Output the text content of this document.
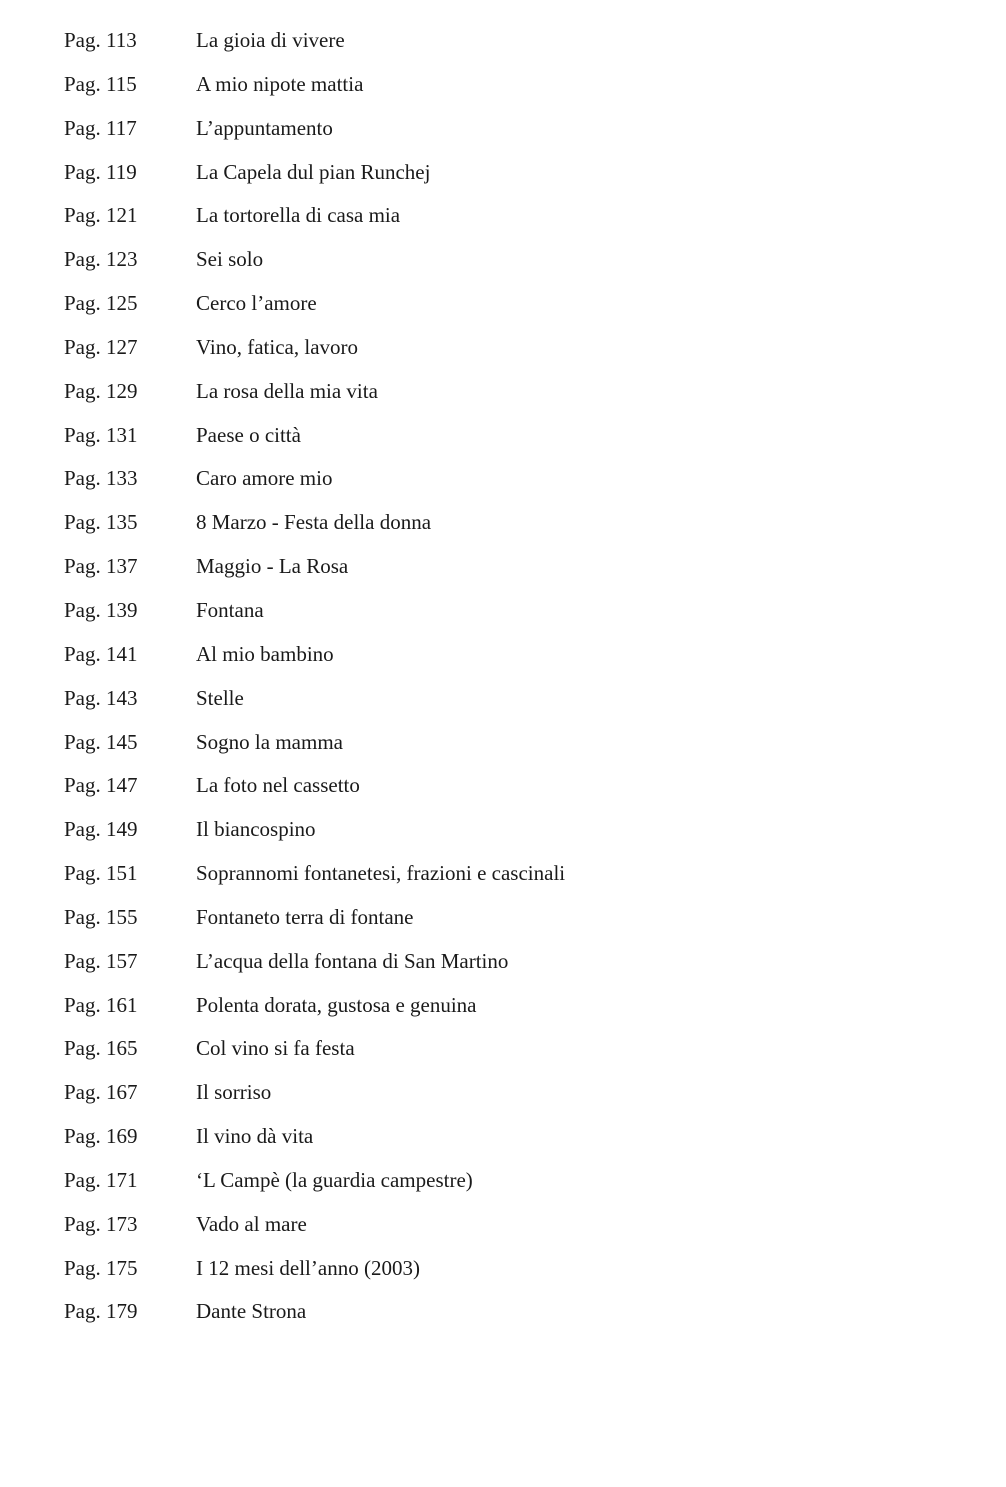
Pag. 113	La gioia di vivere
Pag. 115	A mio nipote mattia
Pag. 117	L’appuntamento
Pag. 119	La Capela dul pian Runchej
Pag. 121	La tortorella di casa mia
Pag. 123	Sei solo
Pag. 125	Cerco l’amore
Pag. 127	Vino, fatica, lavoro
Pag. 129	La rosa della mia vita
Pag. 131	Paese o città
Pag. 133	Caro amore mio
Pag. 135	8 Marzo - Festa della donna
Pag. 137	Maggio - La Rosa
Pag. 139	Fontana
Pag. 141	Al mio bambino
Pag. 143	Stelle
Pag. 145	Sogno la mamma
Pag. 147	La foto nel cassetto
Pag. 149	Il biancospino
Pag. 151	Soprannomi fontanetesi, frazioni e cascinali
Pag. 155	Fontaneto terra di fontane
Pag. 157	L’acqua della fontana di San Martino
Pag. 161	Polenta dorata, gustosa e genuina
Pag. 165	Col vino si fa festa
Pag. 167	Il sorriso
Pag. 169	Il vino dà vita
Pag. 171	‘L Campè (la guardia campestre)
Pag. 173	Vado al mare
Pag. 175	I 12 mesi dell’anno (2003)
Pag. 179	Dante Strona
